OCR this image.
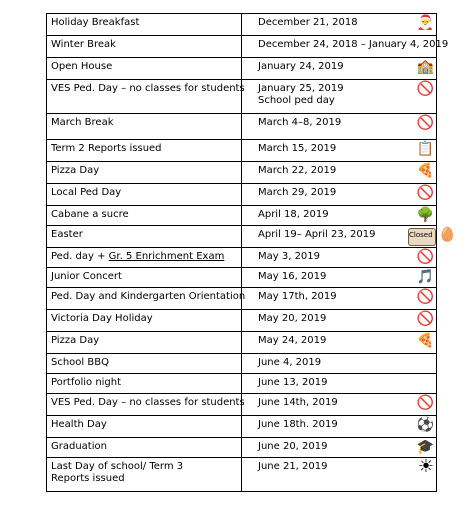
Holiday Breakfast	December 21, 2018 🎅

Winter Break	December 24, 2018 – January 4, 2019
Open House	January 24, 2019 🏫

VES Ped. Day – no classes for students	January 25, 2019
School ped day
🚫

March Break	March 4–8, 2019 🚫

Term 2 Reports issued	March 15, 2019 📋

Pizza Day	March 22, 2019 🍕

Local Ped Day	March 29, 2019 🚫

Cabane a sucre	April 18, 2019 🌳

Easter	April 19– April 23, 2019 Closed 🥚

Ped. day + Gr. 5 Enrichment Exam	May 3, 2019 🚫

Junior Concert	May 16, 2019 🎵

Ped. Day and Kindergarten Orientation	May 17th, 2019 🚫

Victoria Day Holiday	May 20, 2019 🚫

Pizza Day	May 24, 2019 🍕

School BBQ	June 4, 2019
Portfolio night	June 13, 2019
VES Ped. Day – no classes for students	June 14th, 2019 🚫

Health Day	June 18th. 2019 ⚽

Graduation	June 20, 2019 🎓

Last Day of school/ Term 3
Reports issued	June 21, 2019 ☀
